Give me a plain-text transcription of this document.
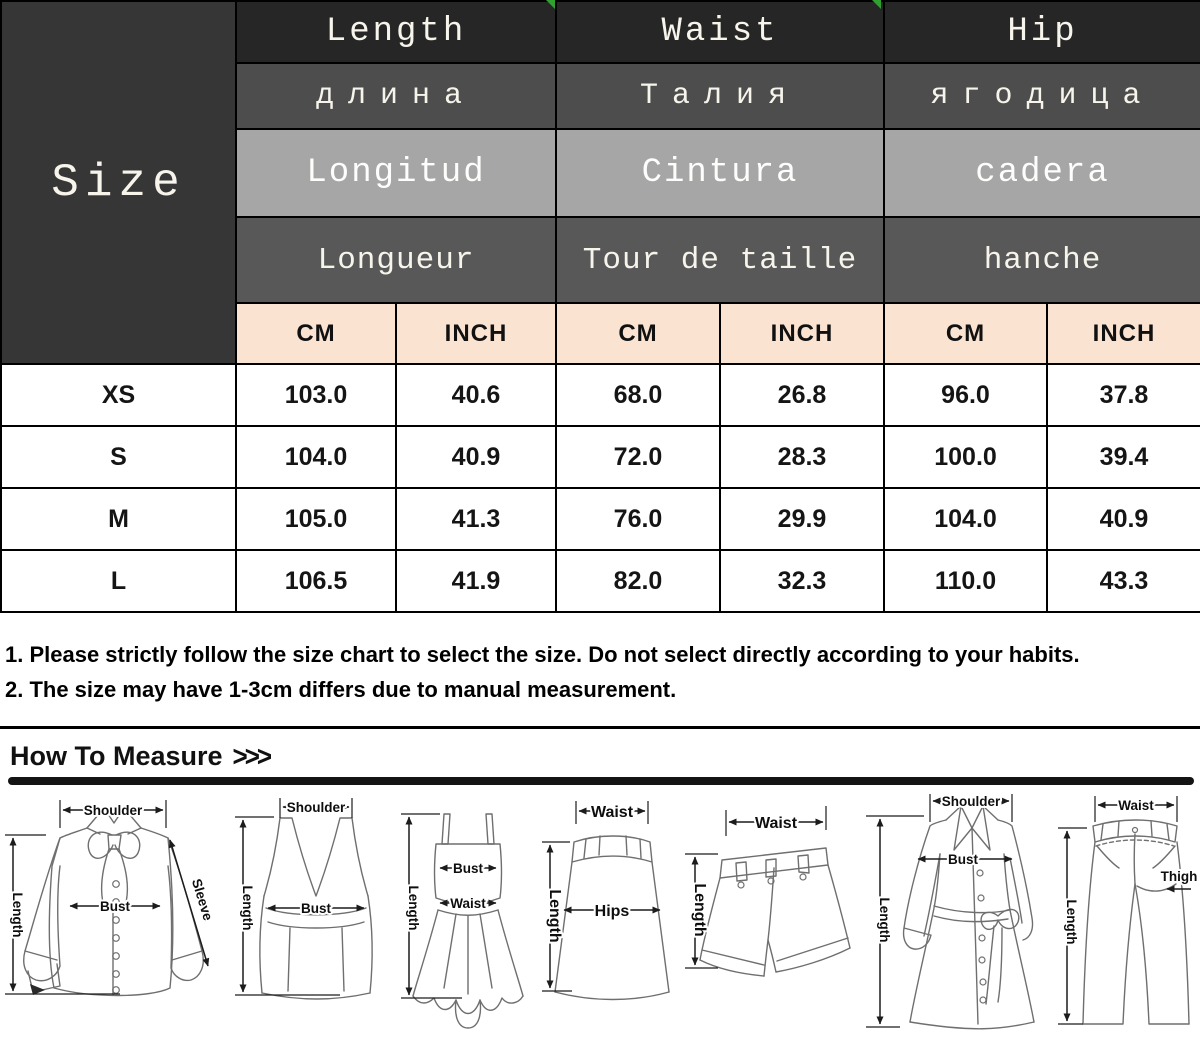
Size	Length		Waist		Hip	
	длина		Талия		ягодица	
	Longitud		Cintura		cadera	
	Longueur		Tour de taille		hanche	
	CM	INCH	CM	INCH	CM	INCH
XS	103.0	40.6	68.0	26.8	96.0	37.8
S	104.0	40.9	72.0	28.3	100.0	39.4
M	105.0	41.3	76.0	29.9	104.0	40.9
L	106.5	41.9	82.0	32.3	110.0	43.3
1. Please strictly follow the size chart to select the size. Do not select directly according to your habits.
2. The size may have 1-3cm differs due to manual measurement.
How To Measure >>>
Shoulder
Length	Bust	Sleeve
Shoulder
Length	Bust
Bust
Waist
Length
Waist
Hips
Length
Waist
Length
Shoulder
Bust
Length
Waist
Thigh
Length
